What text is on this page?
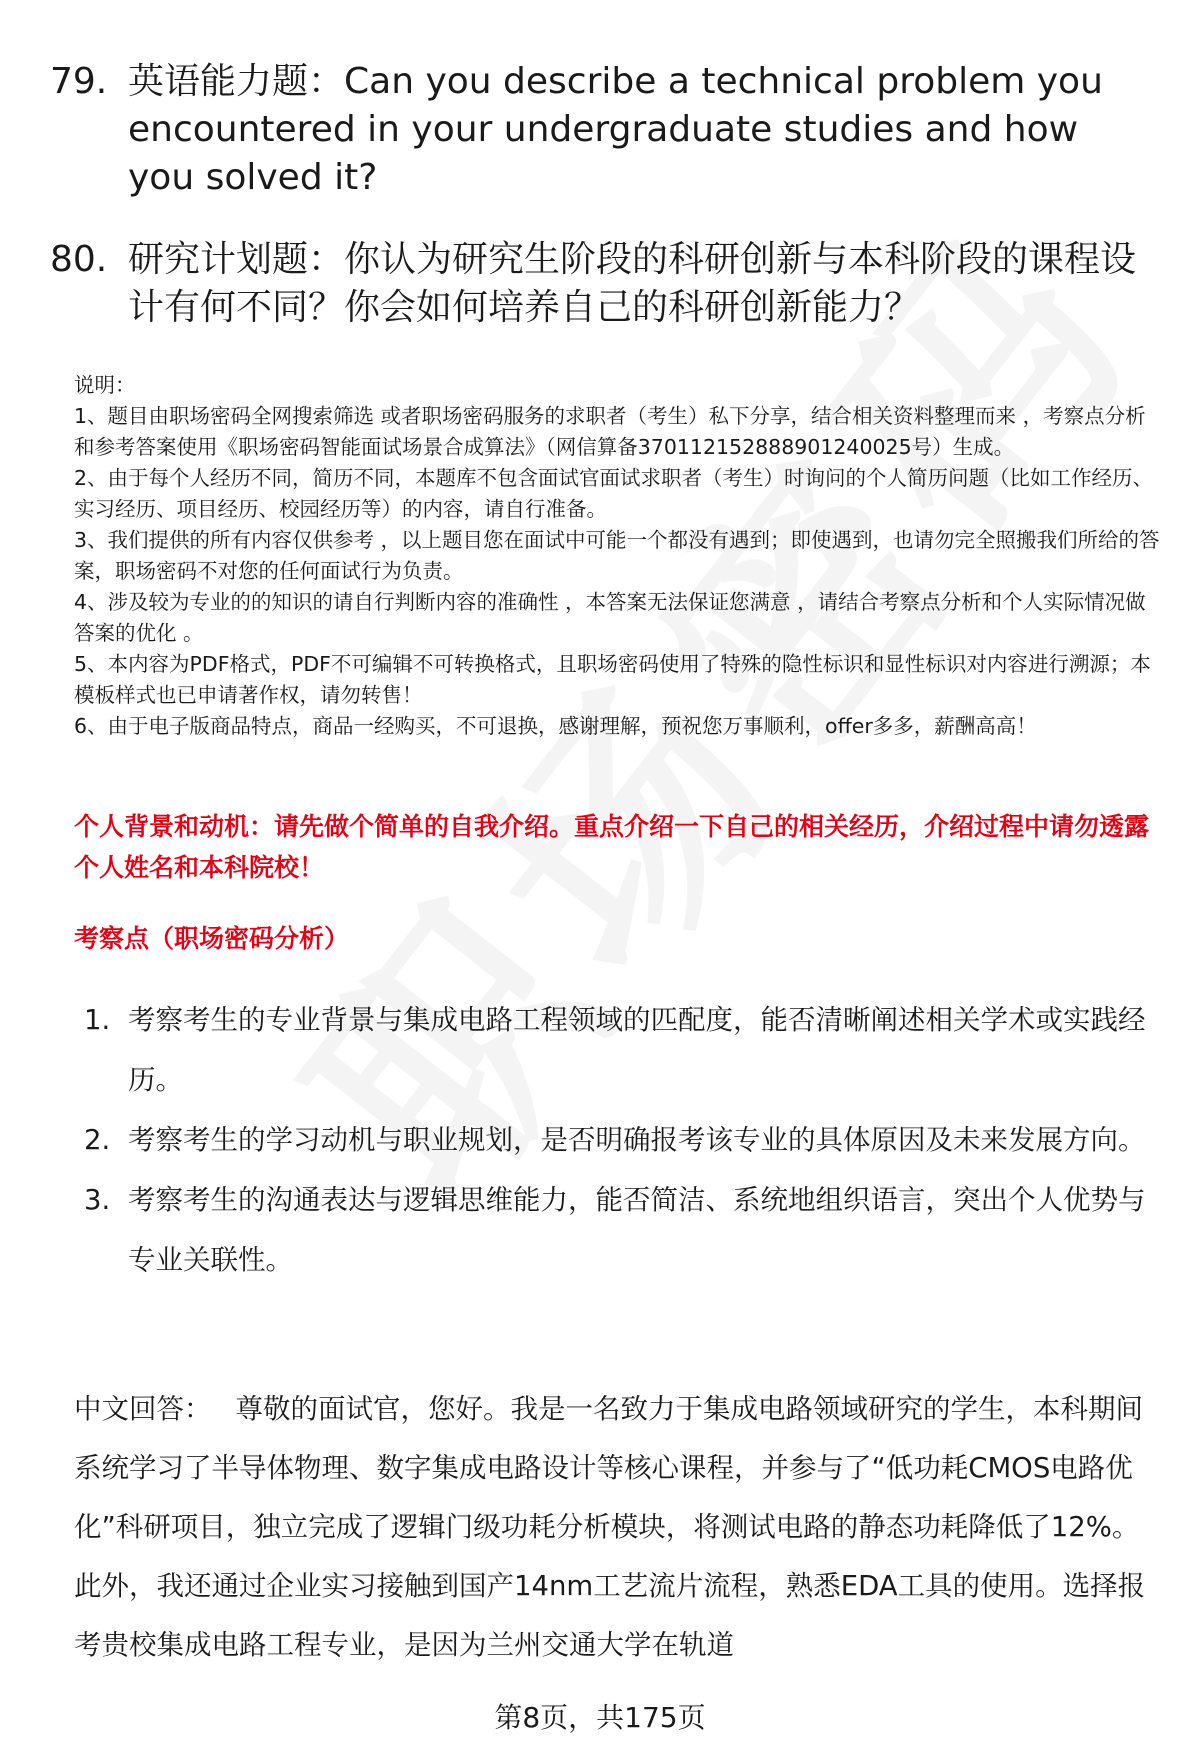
79. 英语能力题：Can you describe a technical problem you encountered in your undergraduate studies and how you solved it?
80. 研究计划题：你认为研究生阶段的科研创新与本科阶段的课程设计有何不同？你会如何培养自己的科研创新能力？
说明：
1、题目由职场密码全网搜索筛选 或者职场密码服务的求职者（考生）私下分享，结合相关资料整理而来 ，考察点分析和参考答案使用《职场密码智能面试场景合成算法》（网信算备370112152888901240025号）生成。
2、由于每个人经历不同，简历不同，本题库不包含面试官面试求职者（考生）时询问的个人简历问题（比如工作经历、实习经历、项目经历、校园经历等）的内容，请自行准备。
3、我们提供的所有内容仅供参考 ，以上题目您在面试中可能一个都没有遇到；即使遇到，也请勿完全照搬我们所给的答案，职场密码不对您的任何面试行为负责。
4、涉及较为专业的的知识的请自行判断内容的准确性 ，本答案无法保证您满意 ，请结合考察点分析和个人实际情况做答案的优化 。
5、本内容为PDF格式，PDF不可编辑不可转换格式，且职场密码使用了特殊的隐性标识和显性标识对内容进行溯源；本模板样式也已申请著作权，请勿转售！
6、由于电子版商品特点，商品一经购买，不可退换，感谢理解，预祝您万事顺利，offer多多，薪酬高高！
个人背景和动机：请先做个简单的自我介绍。重点介绍一下自己的相关经历，介绍过程中请勿透露个人姓名和本科院校！
考察点（职场密码分析）
1. 考察考生的专业背景与集成电路工程领域的匹配度，能否清晰阐述相关学术或实践经历。
2. 考察考生的学习动机与职业规划，是否明确报考该专业的具体原因及未来发展方向。
3. 考察考生的沟通表达与逻辑思维能力，能否简洁、系统地组织语言，突出个人优势与专业关联性。
中文回答： 尊敬的面试官，您好。我是一名致力于集成电路领域研究的学生，本科期间系统学习了半导体物理、数字集成电路设计等核心课程，并参与了“低功耗CMOS电路优化”科研项目，独立完成了逻辑门级功耗分析模块，将测试电路的静态功耗降低了12%。此外，我还通过企业实习接触到国产14nm工艺流片流程，熟悉EDA工具的使用。选择报考贵校集成电路工程专业，是因为兰州交通大学在轨道
第8页，共175页
